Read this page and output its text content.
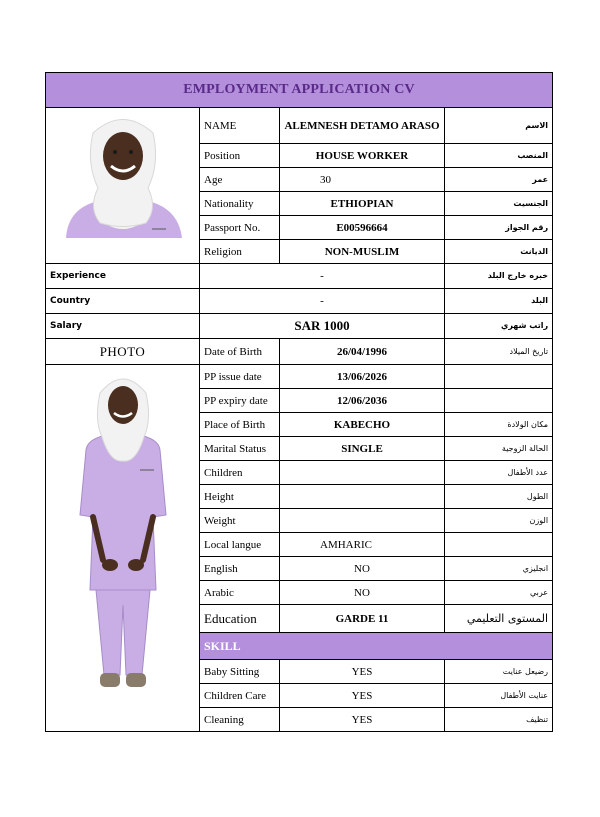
EMPLOYMENT APPLICATION CV			

	NAME	ALEMNESH DETAMO ARASO	الاسم
	Position	HOUSE WORKER	المنصب
	Age	30	عمر
	Nationality	ETHIOPIAN	الجنسيت
	Passport No.	E00596664	رقم الجواز
	Religion	NON-MUSLIM	الديانت
Experience	-		خبره خارج البلد
Country	-		البلد
Salary	SAR 1000		راتب شهري
PHOTO	Date of Birth	26/04/1996	تاريخ الميلاد

	PP issue date	13/06/2026	
	PP expiry date	12/06/2036	
	Place of Birth	KABECHO	مكان الولادة
	Marital Status	SINGLE	الحالة الزوجية
	Children		عدد الأطفال
	Height		الطول
	Weight		الوزن
	Local langue	AMHARIC	
	English	NO	انجليزي
	Arabic	NO	عربي
	Education	GARDE 11	المستوى التعليمي
	SKILL		
	Baby Sitting	YES	رضيعل عنايت
	Children Care	YES	عنايت الأطفال
	Cleaning	YES	تنظيف
